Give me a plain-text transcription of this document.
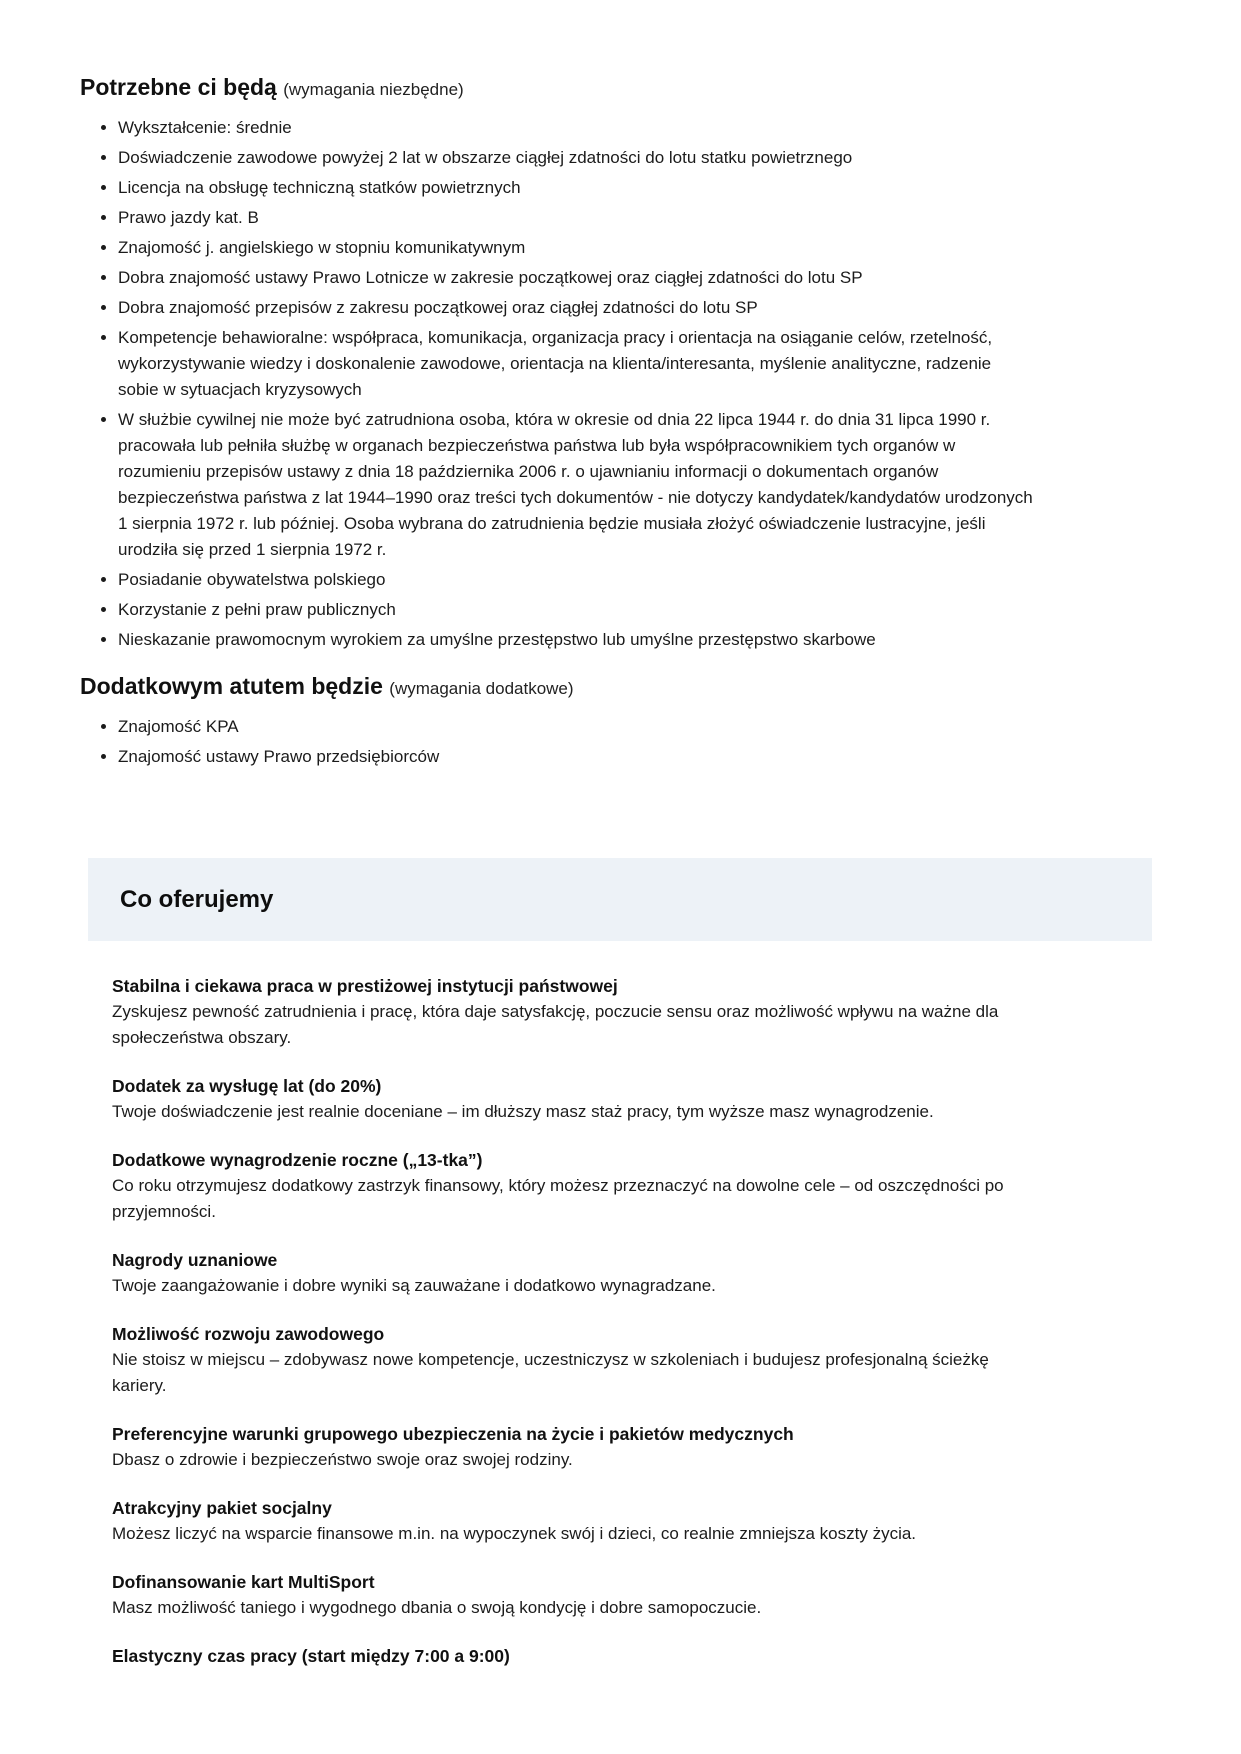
Potrzebne ci będą (wymagania niezbędne)
• Wykształcenie: średnie
• Doświadczenie zawodowe powyżej 2 lat w obszarze ciągłej zdatności do lotu statku powietrznego
• Licencja na obsługę techniczną statków powietrznych
• Prawo jazdy kat. B
• Znajomość j. angielskiego w stopniu komunikatywnym
• Dobra znajomość ustawy Prawo Lotnicze w zakresie początkowej oraz ciągłej zdatności do lotu SP
• Dobra znajomość przepisów z zakresu początkowej oraz ciągłej zdatności do lotu SP
• Kompetencje behawioralne: współpraca, komunikacja, organizacja pracy i orientacja na osiąganie celów, rzetelność, wykorzystywanie wiedzy i doskonalenie zawodowe, orientacja na klienta/interesanta, myślenie analityczne, radzenie sobie w sytuacjach kryzysowych
• W służbie cywilnej nie może być zatrudniona osoba, która w okresie od dnia 22 lipca 1944 r. do dnia 31 lipca 1990 r. pracowała lub pełniła służbę w organach bezpieczeństwa państwa lub była współpracownikiem tych organów w rozumieniu przepisów ustawy z dnia 18 października 2006 r. o ujawnianiu informacji o dokumentach organów bezpieczeństwa państwa z lat 1944–1990 oraz treści tych dokumentów - nie dotyczy kandydatek/kandydatów urodzonych 1 sierpnia 1972 r. lub później. Osoba wybrana do zatrudnienia będzie musiała złożyć oświadczenie lustracyjne, jeśli urodziła się przed 1 sierpnia 1972 r.
• Posiadanie obywatelstwa polskiego
• Korzystanie z pełni praw publicznych
• Nieskazanie prawomocnym wyrokiem za umyślne przestępstwo lub umyślne przestępstwo skarbowe
Dodatkowym atutem będzie (wymagania dodatkowe)
• Znajomość KPA
• Znajomość ustawy Prawo przedsiębiorców
Co oferujemy
Stabilna i ciekawa praca w prestiżowej instytucji państwowej

Zyskujesz pewność zatrudnienia i pracę, która daje satysfakcję, poczucie sensu oraz możliwość wpływu na ważne dla społeczeństwa obszary.

Dodatek za wysługę lat (do 20%)

Twoje doświadczenie jest realnie doceniane – im dłuższy masz staż pracy, tym wyższe masz wynagrodzenie.

Dodatkowe wynagrodzenie roczne („13-tka”)

Co roku otrzymujesz dodatkowy zastrzyk finansowy, który możesz przeznaczyć na dowolne cele – od oszczędności po przyjemności.

Nagrody uznaniowe

Twoje zaangażowanie i dobre wyniki są zauważane i dodatkowo wynagradzane.

Możliwość rozwoju zawodowego

Nie stoisz w miejscu – zdobywasz nowe kompetencje, uczestniczysz w szkoleniach i budujesz profesjonalną ścieżkę kariery.

Preferencyjne warunki grupowego ubezpieczenia na życie i pakietów medycznych

Dbasz o zdrowie i bezpieczeństwo swoje oraz swojej rodziny.

Atrakcyjny pakiet socjalny

Możesz liczyć na wsparcie finansowe m.in. na wypoczynek swój i dzieci, co realnie zmniejsza koszty życia.

Dofinansowanie kart MultiSport

Masz możliwość taniego i wygodnego dbania o swoją kondycję i dobre samopoczucie.

Elastyczny czas pracy (start między 7:00 a 9:00)
